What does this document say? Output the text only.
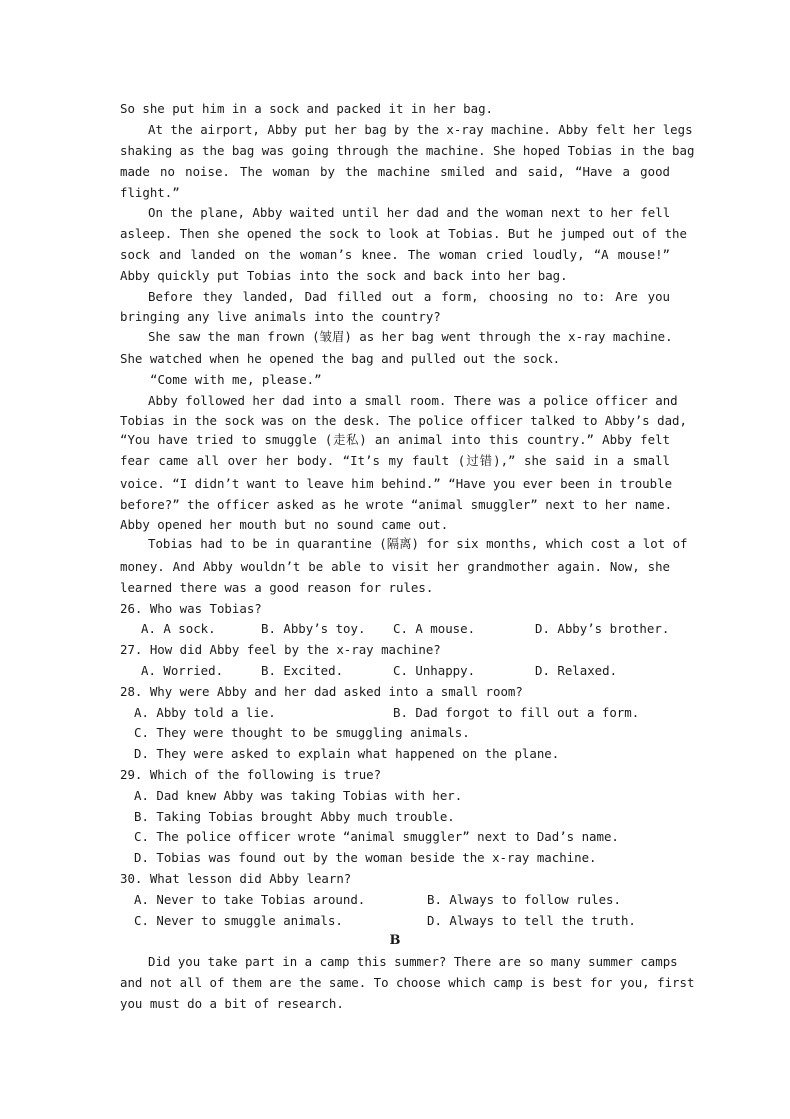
So she put him in a sock and packed it in her bag.
At the airport, Abby put her bag by the x-ray machine. Abby felt her legs
shaking as the bag was going through the machine. She hoped Tobias in the bag
made no noise. The woman by the machine smiled and said, “Have a good
flight.”
On the plane, Abby waited until her dad and the woman next to her fell
asleep. Then she opened the sock to look at Tobias. But he jumped out of the
sock and landed on the woman’s knee. The woman cried loudly, “A mouse!”
Abby quickly put Tobias into the sock and back into her bag.
Before they landed, Dad filled out a form, choosing no to: Are you
bringing any live animals into the country?
She saw the man frown (皱眉) as her bag went through the x-ray machine.
She watched when he opened the bag and pulled out the sock.
“Come with me, please.”
Abby followed her dad into a small room. There was a police officer and
Tobias in the sock was on the desk. The police officer talked to Abby’s dad,
“You have tried to smuggle (走私) an animal into this country.” Abby felt
fear came all over her body. “It’s my fault (过错),” she said in a small
voice. “I didn’t want to leave him behind.” “Have you ever been in trouble
before?” the officer asked as he wrote “animal smuggler” next to her name.
Abby opened her mouth but no sound came out.
Tobias had to be in quarantine (隔离) for six months, which cost a lot of
money. And Abby wouldn’t be able to visit her grandmother again. Now, she
learned there was a good reason for rules.
26. Who was Tobias?
A. A sock.	B. Abby’s toy. C. A mouse.	D. Abby’s brother.
27. How did Abby feel by the x-ray machine?
A. Worried.	B. Excited.	C. Unhappy.	D. Relaxed.
28. Why were Abby and her dad asked into a small room?
A. Abby told a lie.	B. Dad forgot to fill out a form.
C. They were thought to be smuggling animals.
D. They were asked to explain what happened on the plane.
29. Which of the following is true?
A. Dad knew Abby was taking Tobias with her.
B. Taking Tobias brought Abby much trouble.
C. The police officer wrote “animal smuggler” next to Dad’s name.
D. Tobias was found out by the woman beside the x-ray machine.
30. What lesson did Abby learn?
A. Never to take Tobias around.	B. Always to follow rules.
C. Never to smuggle animals.	D. Always to tell the truth.
B
Did you take part in a camp this summer? There are so many summer camps
and not all of them are the same. To choose which camp is best for you, first
you must do a bit of research.
